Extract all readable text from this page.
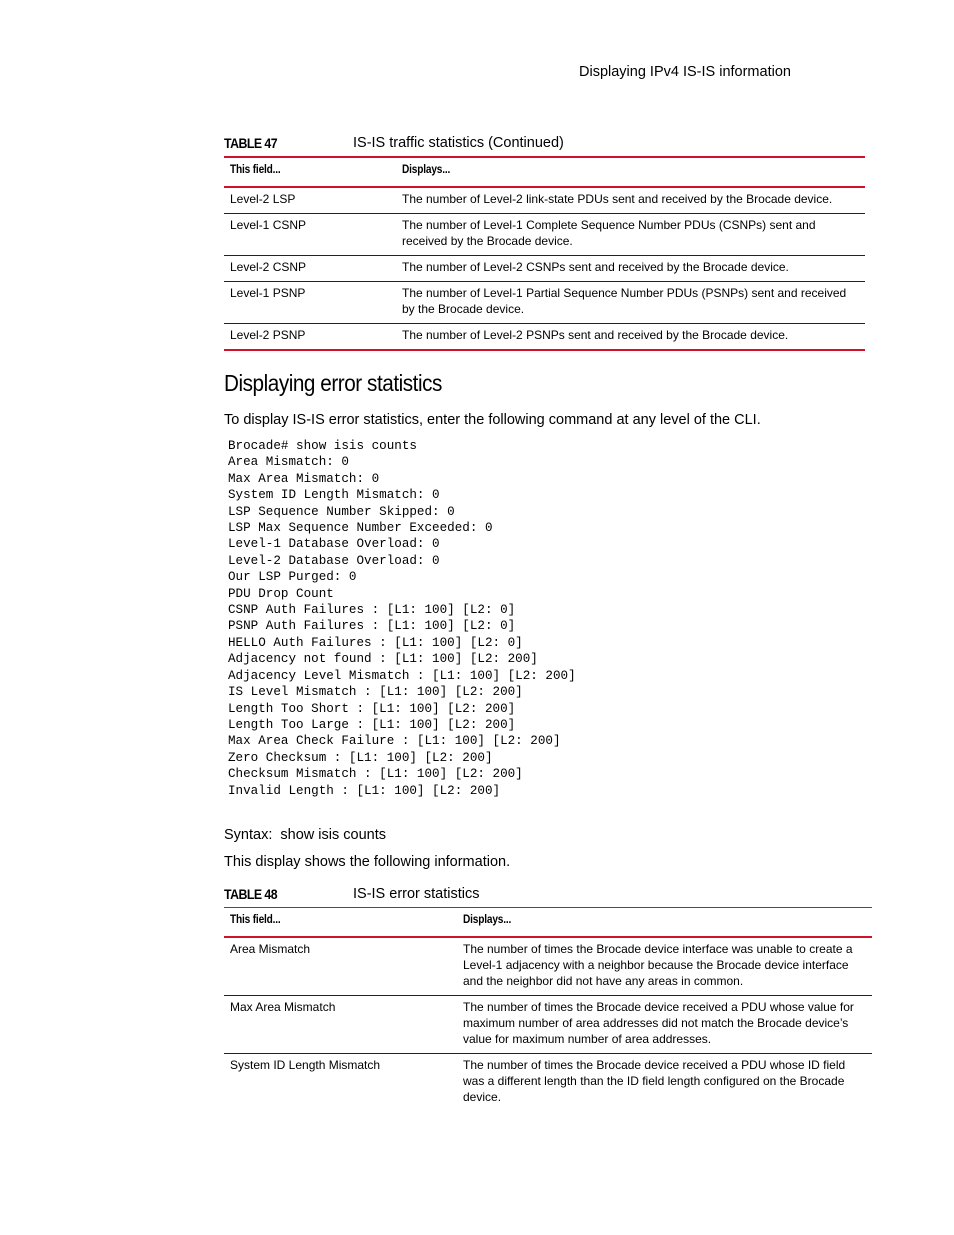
Displaying IPv4 IS-IS information
TABLE 47	IS-IS traffic statistics (Continued)
This field...	Displays...
Level-2 LSP	The number of Level-2 link-state PDUs sent and received by the Brocade device.
Level-1 CSNP	The number of Level-1 Complete Sequence Number PDUs (CSNPs) sent and received by the Brocade device.
Level-2 CSNP	The number of Level-2 CSNPs sent and received by the Brocade device.
Level-1 PSNP	The number of Level-1 Partial Sequence Number PDUs (PSNPs) sent and received by the Brocade device.
Level-2 PSNP	The number of Level-2 PSNPs sent and received by the Brocade device.
Displaying error statistics
To display IS-IS error statistics, enter the following command at any level of the CLI.
Brocade# show isis counts
Area Mismatch: 0
Max Area Mismatch: 0
System ID Length Mismatch: 0
LSP Sequence Number Skipped: 0
LSP Max Sequence Number Exceeded: 0
Level-1 Database Overload: 0
Level-2 Database Overload: 0
Our LSP Purged: 0
PDU Drop Count
CSNP Auth Failures : [L1: 100] [L2: 0]
PSNP Auth Failures : [L1: 100] [L2: 0]
HELLO Auth Failures : [L1: 100] [L2: 0]
Adjacency not found : [L1: 100] [L2: 200]
Adjacency Level Mismatch : [L1: 100] [L2: 200]
IS Level Mismatch : [L1: 100] [L2: 200]
Length Too Short : [L1: 100] [L2: 200]
Length Too Large : [L1: 100] [L2: 200]
Max Area Check Failure : [L1: 100] [L2: 200]
Zero Checksum : [L1: 100] [L2: 200]
Checksum Mismatch : [L1: 100] [L2: 200]
Invalid Length : [L1: 100] [L2: 200]
Syntax: show isis counts
This display shows the following information.
TABLE 48	IS-IS error statistics
This field...	Displays...
Area Mismatch	The number of times the Brocade device interface was unable to create a Level-1 adjacency with a neighbor because the Brocade device interface and the neighbor did not have any areas in common.
Max Area Mismatch	The number of times the Brocade device received a PDU whose value for maximum number of area addresses did not match the Brocade device’s value for maximum number of area addresses.
System ID Length Mismatch	The number of times the Brocade device received a PDU whose ID field was a different length than the ID field length configured on the Brocade device.
